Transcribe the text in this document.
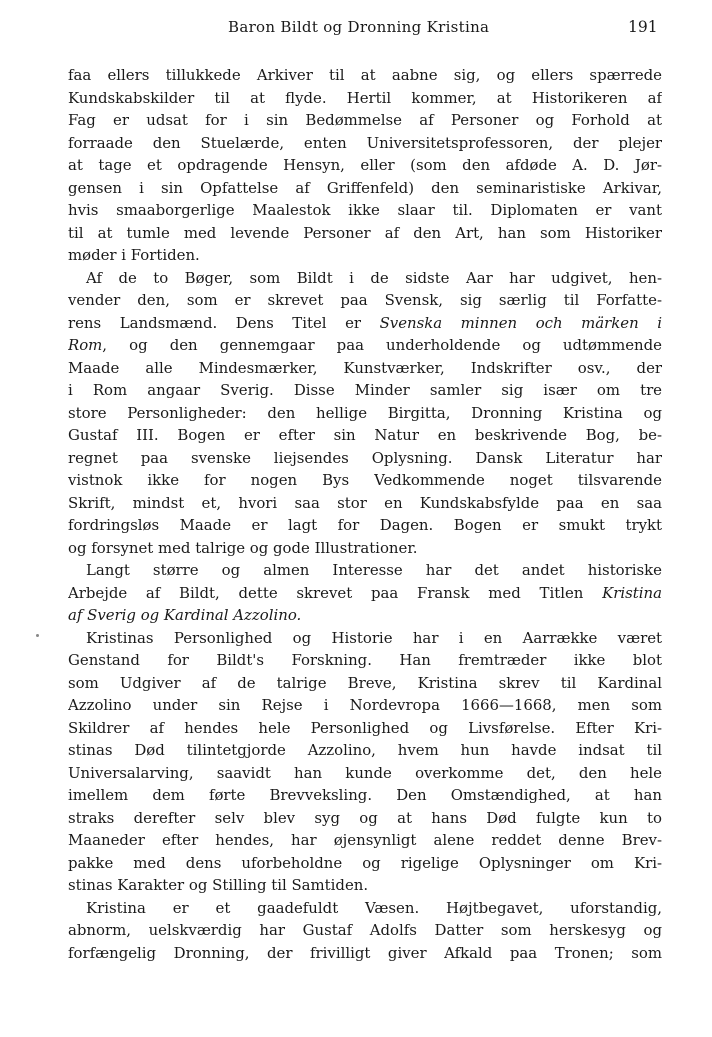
Baron Bildt og Dronning Kristina	191
faa ellers tillukkede Arkiver til at aabne sig, og ellers spærrede
Kundskabskilder til at flyde. Hertil kommer, at Historikeren af
Fag er udsat for i sin Bedømmelse af Personer og Forhold at
forraade den Stuelærde, enten Universitetsprofessoren, der plejer
at tage et opdragende Hensyn, eller (som den afdøde A. D. Jør-
gensen i sin Opfattelse af Griffenfeld) den seminaristiske Arkivar,
hvis smaaborgerlige Maalestok ikke slaar til. Diplomaten er vant
til at tumle med levende Personer af den Art, han som Historiker
møder i Fortiden.
Af de to Bøger, som Bildt i de sidste Aar har udgivet, hen-
vender den, som er skrevet paa Svensk, sig særlig til Forfatte-
rens Landsmænd. Dens Titel er Svenska minnen och märken i
Rom, og den gennemgaar paa underholdende og udtømmende
Maade alle Mindesmærker, Kunstværker, Indskrifter osv., der
i Rom angaar Sverig. Disse Minder samler sig især om tre
store Personligheder: den hellige Birgitta, Dronning Kristina og
Gustaf III. Bogen er efter sin Natur en beskrivende Bog, be-
regnet paa svenske liejsendes Oplysning. Dansk Literatur har
vistnok ikke for nogen Bys Vedkommende noget tilsvarende
Skrift, mindst et, hvori saa stor en Kundskabsfylde paa en saa
fordringsløs Maade er lagt for Dagen. Bogen er smukt trykt
og forsynet med talrige og gode Illustrationer.
Langt større og almen Interesse har det andet historiske
Arbejde af Bildt, dette skrevet paa Fransk med Titlen Kristina
af Sverig og Kardinal Azzolino.
Kristinas Personlighed og Historie har i en Aarrække været
Genstand for Bildt's Forskning. Han fremtræder ikke blot
som Udgiver af de talrige Breve, Kristina skrev til Kardinal
Azzolino under sin Rejse i Nordevropa 1666—1668, men som
Skildrer af hendes hele Personlighed og Livsførelse. Efter Kri-
stinas Død tilintetgjorde Azzolino, hvem hun havde indsat til
Universalarving, saavidt han kunde overkomme det, den hele
imellem dem førte Brevveksling. Den Omstændighed, at han
straks derefter selv blev syg og at hans Død fulgte kun to
Maaneder efter hendes, har øjensynligt alene reddet denne Brev-
pakke med dens uforbeholdne og rigelige Oplysninger om Kri-
stinas Karakter og Stilling til Samtiden.
Kristina er et gaadefuldt Væsen. Højtbegavet, uforstandig,
abnorm, uelskværdig har Gustaf Adolfs Datter som herskesyg og
forfængelig Dronning, der frivilligt giver Afkald paa Tronen; som
